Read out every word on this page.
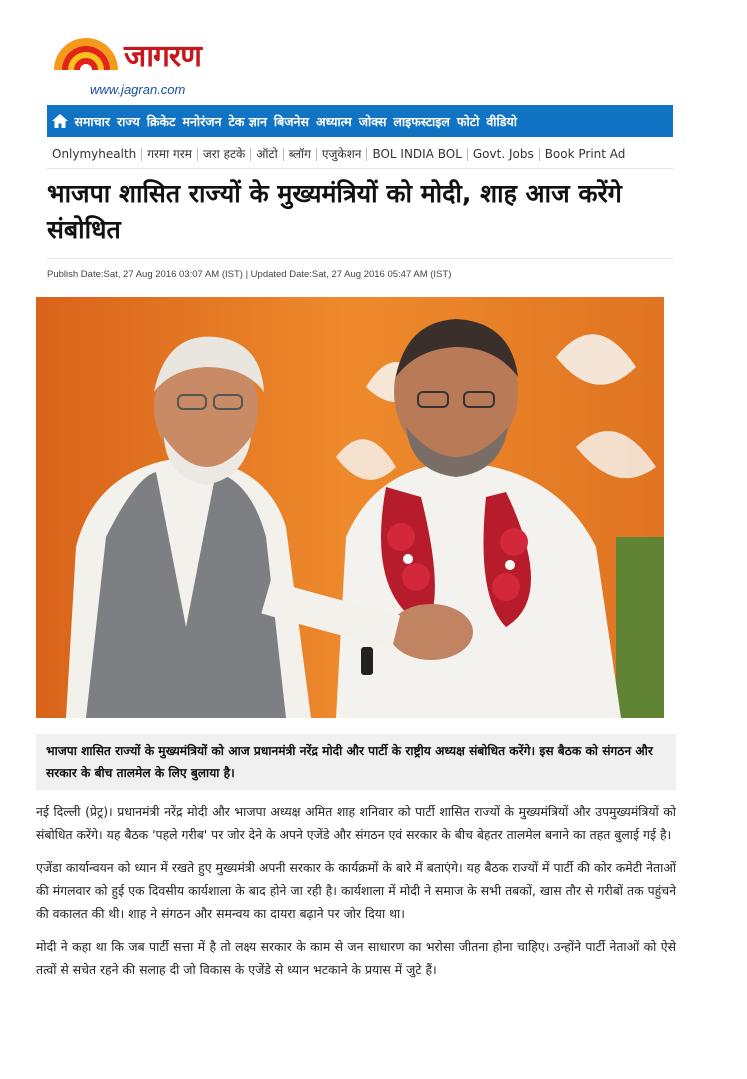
जागरण
www.jagran.com
समाचार राज्य क्रिकेट मनोरंजन टेक ज्ञान बिजनेस अध्यात्म जोक्स लाइफस्टाइल फोटो वीडियो
Onlymyhealth गरमा गरम जरा हटके ऑटो ब्लॉग एजुकेशन BOL INDIA BOL Govt. Jobs Book Print Ad
भाजपा शासित राज्यों के मुख्यमंत्रियों को मोदी, शाह आज करेंगे संबोधित
Publish Date:Sat, 27 Aug 2016 03:07 AM (IST) | Updated Date:Sat, 27 Aug 2016 05:47 AM (IST)

भाजपा शासित राज्यों के मुख्यमंत्रियों को आज प्रधानमंत्री नरेंद्र मोदी और पार्टी के राष्ट्रीय अध्यक्ष संबोधित करेंगे। इस बैठक को संगठन और सरकार के बीच तालमेल के लिए बुलाया है।

नई दिल्ली (प्रेट्र)। प्रधानमंत्री नरेंद्र मोदी और भाजपा अध्यक्ष अमित शाह शनिवार को पार्टी शासित राज्यों के मुख्यमंत्रियों और उपमुख्यमंत्रियों को संबोधित करेंगे। यह बैठक 'पहले गरीब' पर जोर देने के अपने एजेंडे और संगठन एवं सरकार के बीच बेहतर तालमेल बनाने का तहत बुलाई गई है।

एजेंडा कार्यान्वयन को ध्यान में रखते हुए मुख्यमंत्री अपनी सरकार के कार्यक्रमों के बारे में बताएंगे। यह बैठक राज्यों में पार्टी की कोर कमेटी नेताओं की मंगलवार को हुई एक दिवसीय कार्यशाला के बाद होने जा रही है। कार्यशाला में मोदी ने समाज के सभी तबकों, खास तौर से गरीबों तक पहुंचने की वकालत की थी। शाह ने संगठन और समन्वय का दायरा बढ़ाने पर जोर दिया था।

मोदी ने कहा था कि जब पार्टी सत्ता में है तो लक्ष्य सरकार के काम से जन साधारण का भरोसा जीतना होना चाहिए। उन्होंने पार्टी नेताओं को ऐसे तत्वों से सचेत रहने की सलाह दी जो विकास के एजेंडे से ध्यान भटकाने के प्रयास में जुटे हैं।
